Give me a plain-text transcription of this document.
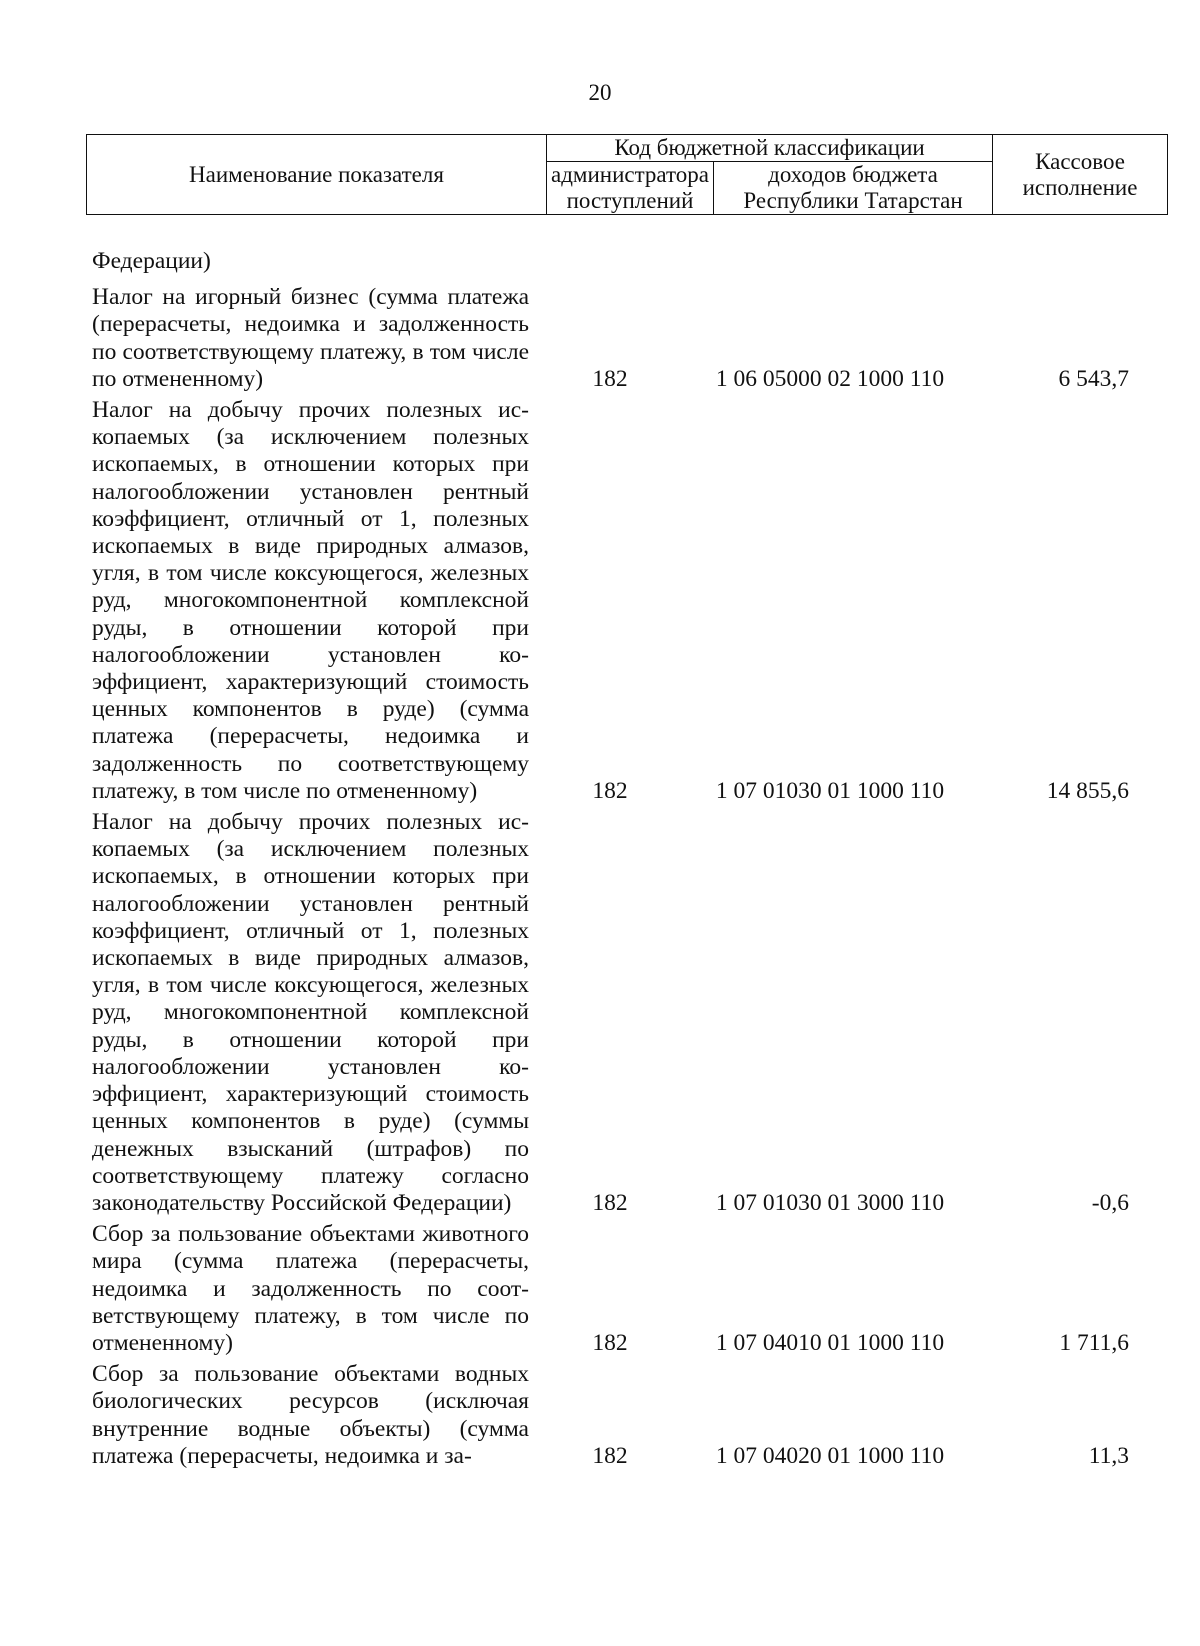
20
Наименование показателя	Код бюджетной классификации		Кассовое исполнение
	администратора поступлений	доходов бюджета Республики Татарстан	
Федерации)
Налог на игорный бизнес (сумма платежа (перерасчеты, недоимка и задолженность по соответствующему платежу, в том числе по отмененному)	182	1 06 05000 02 1000 110	6 543,7
Налог на добычу прочих полезных ископаемых (за исключением полезных ископаемых, в отношении которых при налогообложении установлен рентный коэффициент, отличный от 1, полезных ископаемых в виде природных алмазов, угля, в том числе коксующегося, железных руд, многокомпонентной комплексной руды, в отношении которой при налогообложении установлен коэффициент, характеризующий стоимость ценных компонентов в руде) (сумма платежа (перерасчеты, недоимка и задолженность по соответствующему платежу, в том числе по отмененному)	182	1 07 01030 01 1000 110	14 855,6
Налог на добычу прочих полезных ископаемых (за исключением полезных ископаемых, в отношении которых при налогообложении установлен рентный коэффициент, отличный от 1, полезных ископаемых в виде природных алмазов, угля, в том числе коксующегося, железных руд, многокомпонентной комплексной руды, в отношении которой при налогообложении установлен коэффициент, характеризующий стоимость ценных компонентов в руде) (суммы денежных взысканий (штрафов) по соответствующему платежу согласно законодательству Российской Федерации)	182	1 07 01030 01 3000 110	-0,6
Сбор за пользование объектами животного мира (сумма платежа (перерасчеты, недоимка и задолженность по соответствующему платежу, в том числе по отмененному)	182	1 07 04010 01 1000 110	1 711,6
Сбор за пользование объектами водных биологических ресурсов (исключая внутренние водные объекты) (сумма платежа (перерасчеты, недоимка и за-	182	1 07 04020 01 1000 110	11,3
